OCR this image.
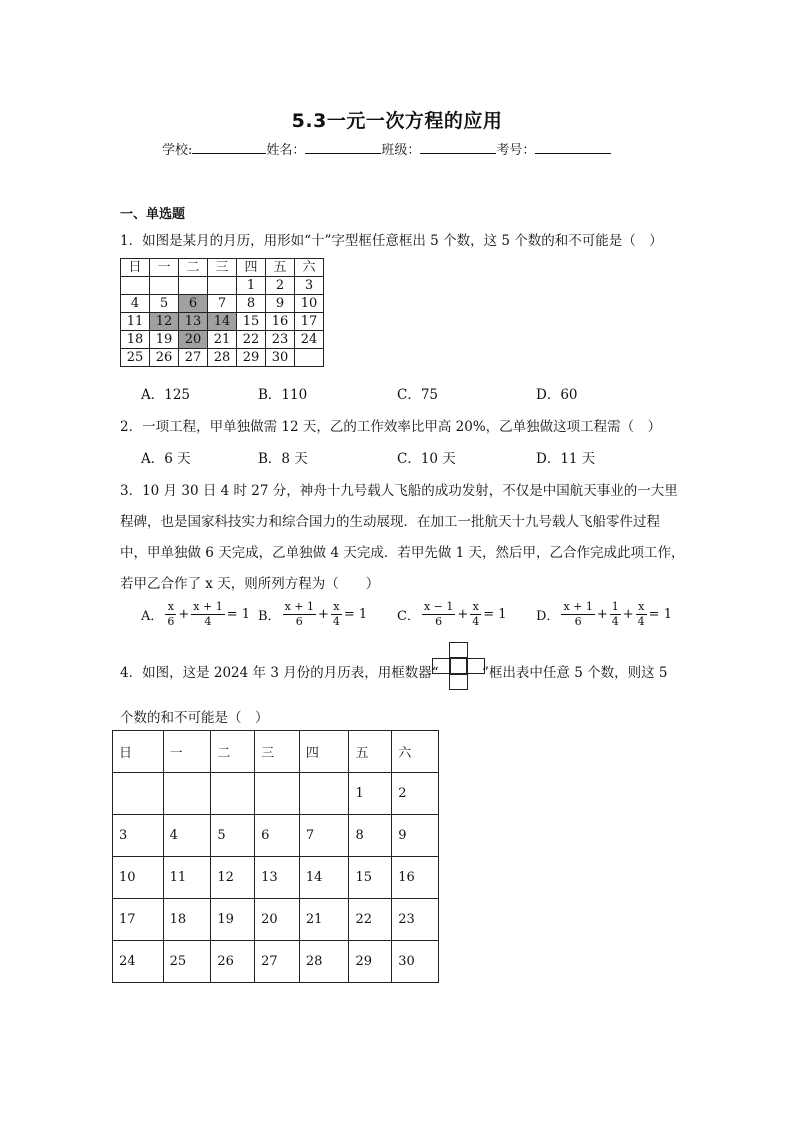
5.3一元一次方程的应用
学校:	姓名：	班级：	考号：
一、单选题
1．如图是某月的月历，用形如“十”字型框任意框出 5 个数，这 5 个数的和不可能是（　）
日	一	二	三	四	五	六
				1	2	3
4	5	6	7	8	9	10
11	12	13	14	15	16	17
18	19	20	21	22	23	24
25	26	27	28	29	30	
A．125	B．110	C．75	D．60
2．一项工程，甲单独做需 12 天，乙的工作效率比甲高 20%，乙单独做这项工程需（　）
A．6 天	B．8 天	C．10 天	D．11 天
3．10 月 30 日 4 时 27 分，神舟十九号载人飞船的成功发射，不仅是中国航天事业的一大里
程碑，也是国家科技实力和综合国力的生动展现．在加工一批航天十九号载人飞船零件过程
中，甲单独做 6 天完成，乙单独做 4 天完成．若甲先做 1 天，然后甲，乙合作完成此项工作，
若甲乙合作了 x 天，则所列方程为（　　）
A． $\frac{x}{6} + \frac{x + 1}{4} = 1$ B． $\frac{x + 1}{6} + \frac{x}{4} = 1$ C． $\frac{x - 1}{6} + \frac{x}{4} = 1$ D． $\frac{x + 1}{6} + \frac{1}{4} + \frac{x}{4} = 1$
4．如图，这是 2024 年 3 月份的月历表，用框数器“	”框出表中任意 5 个数，则这 5
个数的和不可能是（　）
日	一	二	三	四	五	六
					1	2
3	4	5	6	7	8	9
10	11	12	13	14	15	16
17	18	19	20	21	22	23
24	25	26	27	28	29	30
